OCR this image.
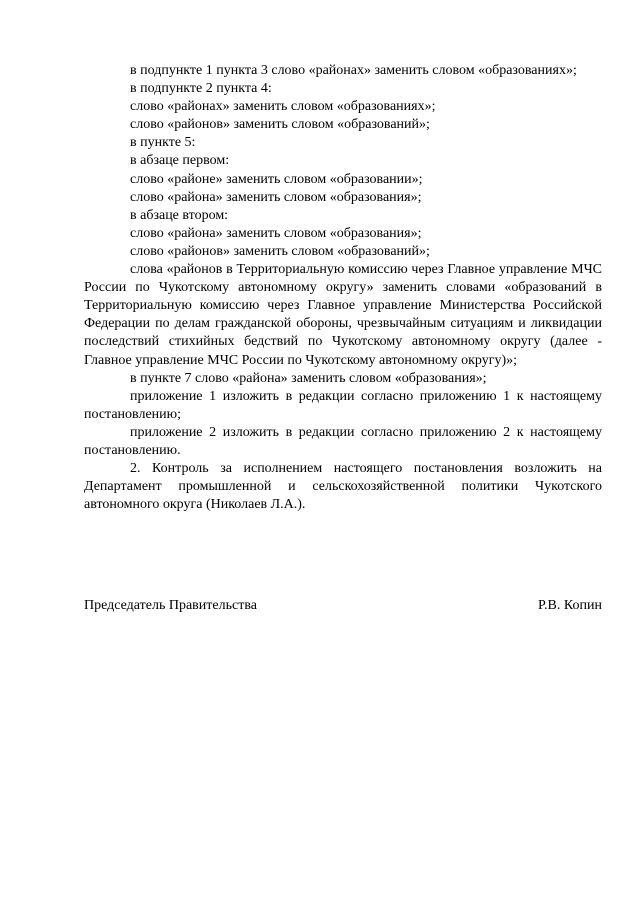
в подпункте 1 пункта 3 слово «районах» заменить словом «образованиях»;

в подпункте 2 пункта 4:

слово «районах» заменить словом «образованиях»;

слово «районов» заменить словом «образований»;

в пункте 5:

в абзаце первом:

слово «районе» заменить словом «образовании»;

слово «района» заменить словом «образования»;

в абзаце втором:

слово «района» заменить словом «образования»;

слово «районов» заменить словом «образований»;

слова «районов в Территориальную комиссию через Главное управление МЧС России по Чукотскому автономному округу» заменить словами «образований в Территориальную комиссию через Главное управление Министерства Российской Федерации по делам гражданской обороны, чрезвычайным ситуациям и ликвидации последствий стихийных бедствий по Чукотскому автономному округу (далее - Главное управление МЧС России по Чукотскому автономному округу)»;

в пункте 7 слово «района» заменить словом «образования»;

приложение 1 изложить в редакции согласно приложению 1 к настоящему постановлению;

приложение 2 изложить в редакции согласно приложению 2 к настоящему постановлению.

2. Контроль за исполнением настоящего постановления возложить на Департамент промышленной и сельскохозяйственной политики Чукотского автономного округа (Николаев Л.А.).

Председатель Правительства	Р.В. Копин
